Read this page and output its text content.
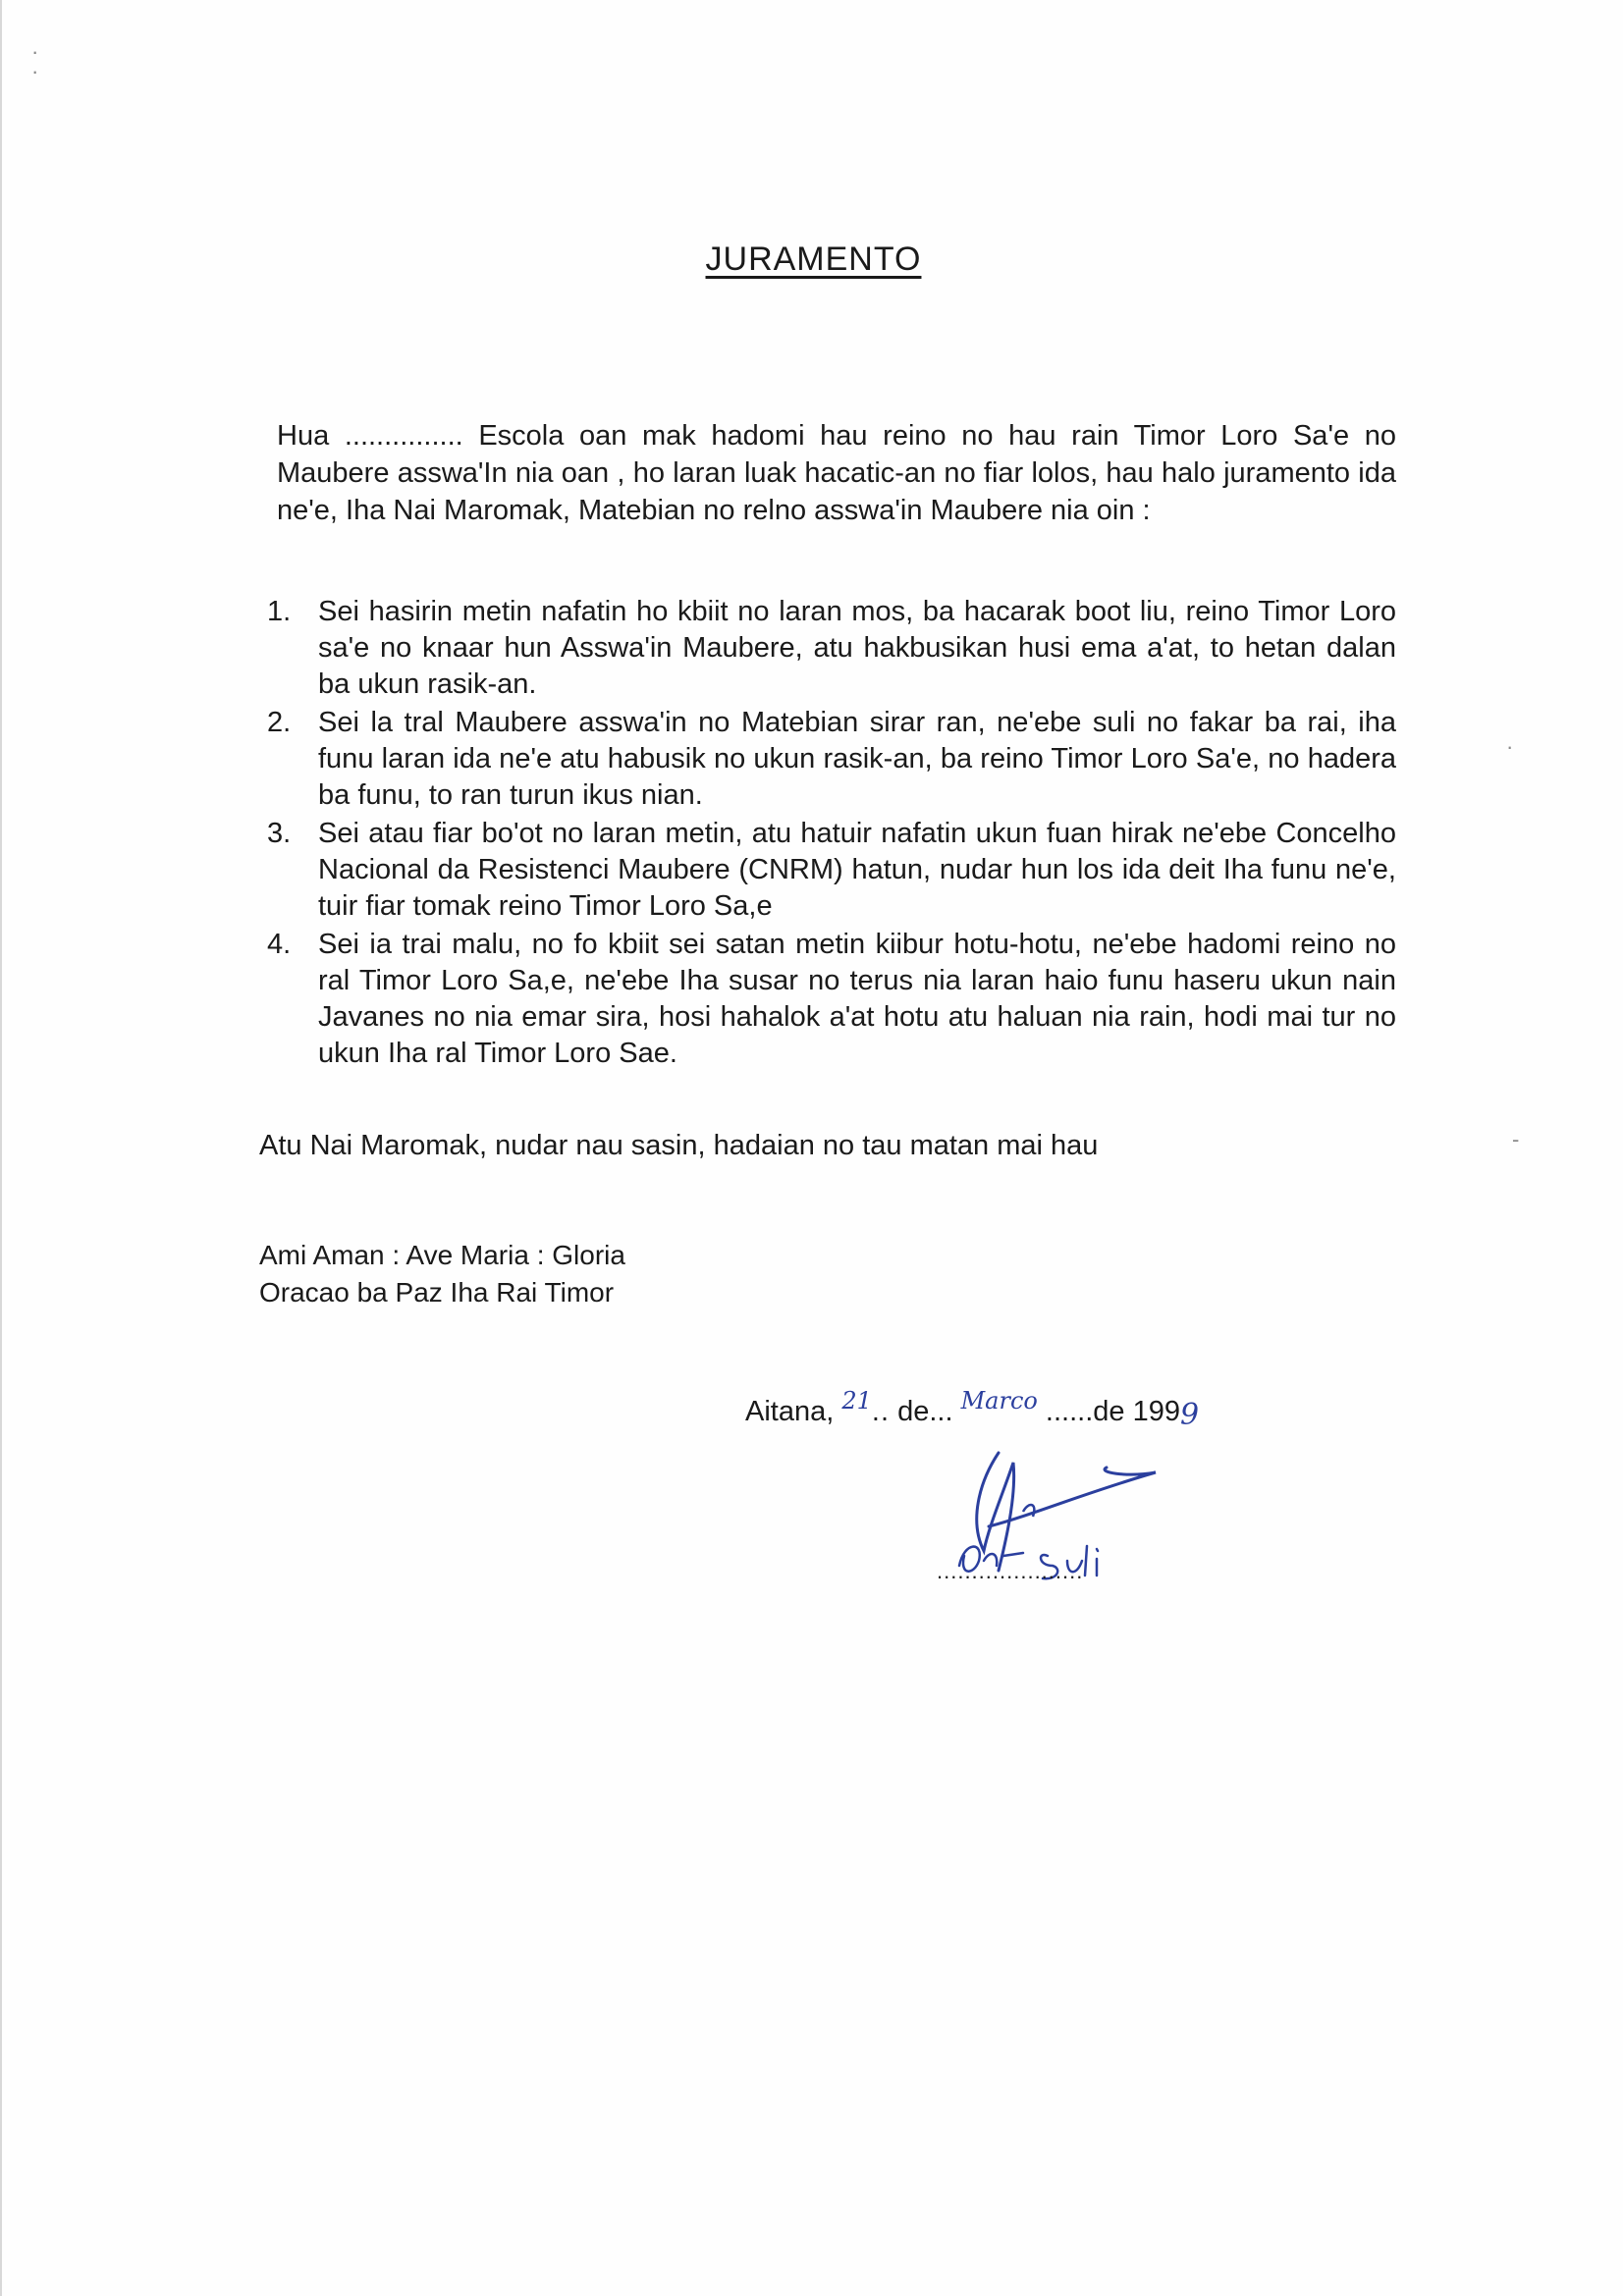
JURAMENTO
Hua ............... Escola oan mak hadomi hau reino no hau rain Timor Loro Sa'e no Maubere asswa'In nia oan , ho laran luak hacatic-an no fiar lolos, hau halo juramento ida ne'e, Iha Nai Maromak, Matebian no relno asswa'in Maubere nia oin :
1. Sei hasirin metin nafatin ho kbiit no laran mos, ba hacarak boot liu, reino Timor Loro sa'e no knaar hun Asswa'in Maubere, atu hakbusikan husi ema a'at, to hetan dalan ba ukun rasik-an.
2. Sei la tral Maubere asswa'in no Matebian sirar ran, ne'ebe suli no fakar ba rai, iha funu laran ida ne'e atu habusik no ukun rasik-an, ba reino Timor Loro Sa'e, no hadera ba funu, to ran turun ikus nian.
3. Sei atau fiar bo'ot no laran metin, atu hatuir nafatin ukun fuan hirak ne'ebe Concelho Nacional da Resistenci Maubere (CNRM) hatun, nudar hun los ida deit Iha funu ne'e, tuir fiar tomak reino Timor Loro Sa,e
4. Sei ia trai malu, no fo kbiit sei satan metin kiibur hotu-hotu, ne'ebe hadomi reino no ral Timor Loro Sa,e, ne'ebe Iha susar no terus nia laran haio funu haseru ukun nain Javanes no nia emar sira, hosi hahalok a'at hotu atu haluan nia rain, hodi mai tur no ukun Iha ral Timor Loro Sae.
Atu Nai Maromak, nudar nau sasin, hadaian no tau matan mai hau
Ami Aman : Ave Maria : Gloria
Oracao ba Paz Iha Rai Timor
Aitana, $^{21}$.. de... $^{Marco}$ ......de 1999
.....................
·
·
·
-
